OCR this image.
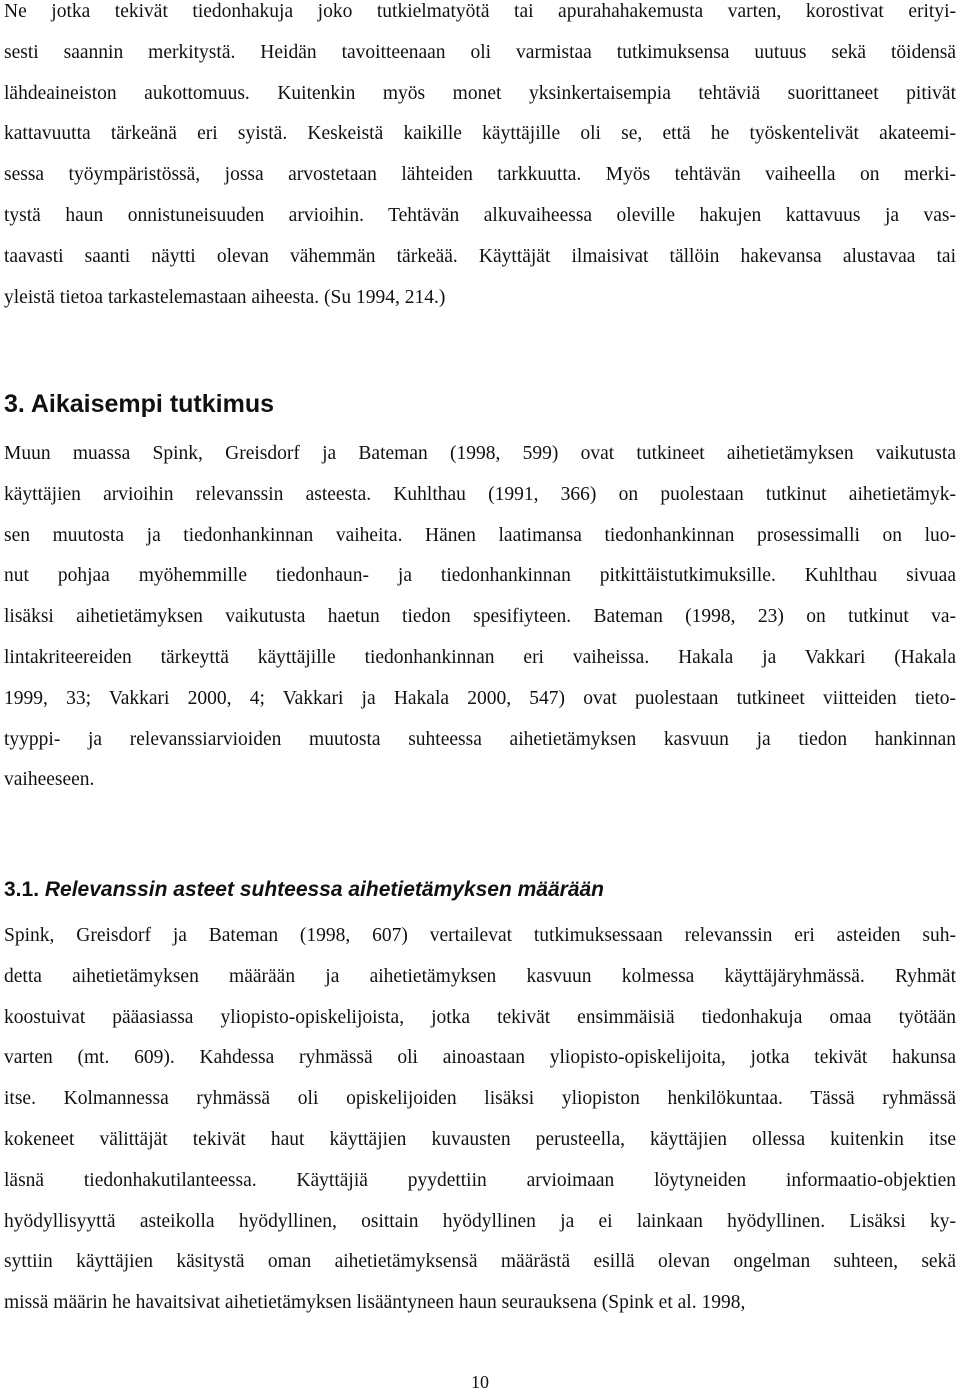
Ne jotka tekivät tiedonhakuja joko tutkielmatyötä tai apurahahakemusta varten, korostivat erityi-
sesti saannin merkitystä. Heidän tavoitteenaan oli varmistaa tutkimuksensa uutuus sekä töidensä
lähdeaineiston aukottomuus. Kuitenkin myös monet yksinkertaisempia tehtäviä suorittaneet pitivät
kattavuutta tärkeänä eri syistä. Keskeistä kaikille käyttäjille oli se, että he työskentelivät akateemi-
sessa työympäristössä, jossa arvostetaan lähteiden tarkkuutta. Myös tehtävän vaiheella on merki-
tystä haun onnistuneisuuden arvioihin. Tehtävän alkuvaiheessa oleville hakujen kattavuus ja vas-
taavasti saanti näytti olevan vähemmän tärkeää. Käyttäjät ilmaisivat tällöin hakevansa alustavaa tai
yleistä tietoa tarkastelemastaan aiheesta. (Su 1994, 214.)
3. Aikaisempi tutkimus
Muun muassa Spink, Greisdorf ja Bateman (1998, 599) ovat tutkineet aihetietämyksen vaikutusta
käyttäjien arvioihin relevanssin asteesta. Kuhlthau (1991, 366) on puolestaan tutkinut aihetietämyk-
sen muutosta ja tiedonhankinnan vaiheita. Hänen laatimansa tiedonhankinnan prosessimalli on luo-
nut pohjaa myöhemmille tiedonhaun- ja tiedonhankinnan pitkittäistutkimuksille. Kuhlthau sivuaa
lisäksi aihetietämyksen vaikutusta haetun tiedon spesifiyteen. Bateman (1998, 23) on tutkinut va-
lintakriteereiden tärkeyttä käyttäjille tiedonhankinnan eri vaiheissa. Hakala ja Vakkari (Hakala
1999, 33; Vakkari 2000, 4; Vakkari ja Hakala 2000, 547) ovat puolestaan tutkineet viitteiden tieto-
tyyppi- ja relevanssiarvioiden muutosta suhteessa aihetietämyksen kasvuun ja tiedon hankinnan
vaiheeseen.
3.1. Relevanssin asteet suhteessa aihetietämyksen määrään
Spink, Greisdorf ja Bateman (1998, 607) vertailevat tutkimuksessaan relevanssin eri asteiden suh-
detta aihetietämyksen määrään ja aihetietämyksen kasvuun kolmessa käyttäjäryhmässä. Ryhmät
koostuivat pääasiassa yliopisto-opiskelijoista, jotka tekivät ensimmäisiä tiedonhakuja omaa työtään
varten (mt. 609). Kahdessa ryhmässä oli ainoastaan yliopisto-opiskelijoita, jotka tekivät hakunsa
itse. Kolmannessa ryhmässä oli opiskelijoiden lisäksi yliopiston henkilökuntaa. Tässä ryhmässä
kokeneet välittäjät tekivät haut käyttäjien kuvausten perusteella, käyttäjien ollessa kuitenkin itse
läsnä tiedonhakutilanteessa. Käyttäjiä pyydettiin arvioimaan löytyneiden informaatio-objektien
hyödyllisyyttä asteikolla hyödyllinen, osittain hyödyllinen ja ei lainkaan hyödyllinen. Lisäksi ky-
syttiin käyttäjien käsitystä oman aihetietämyksensä määrästä esillä olevan ongelman suhteen, sekä
missä määrin he havaitsivat aihetietämyksen lisääntyneen haun seurauksena (Spink et al. 1998,
10
